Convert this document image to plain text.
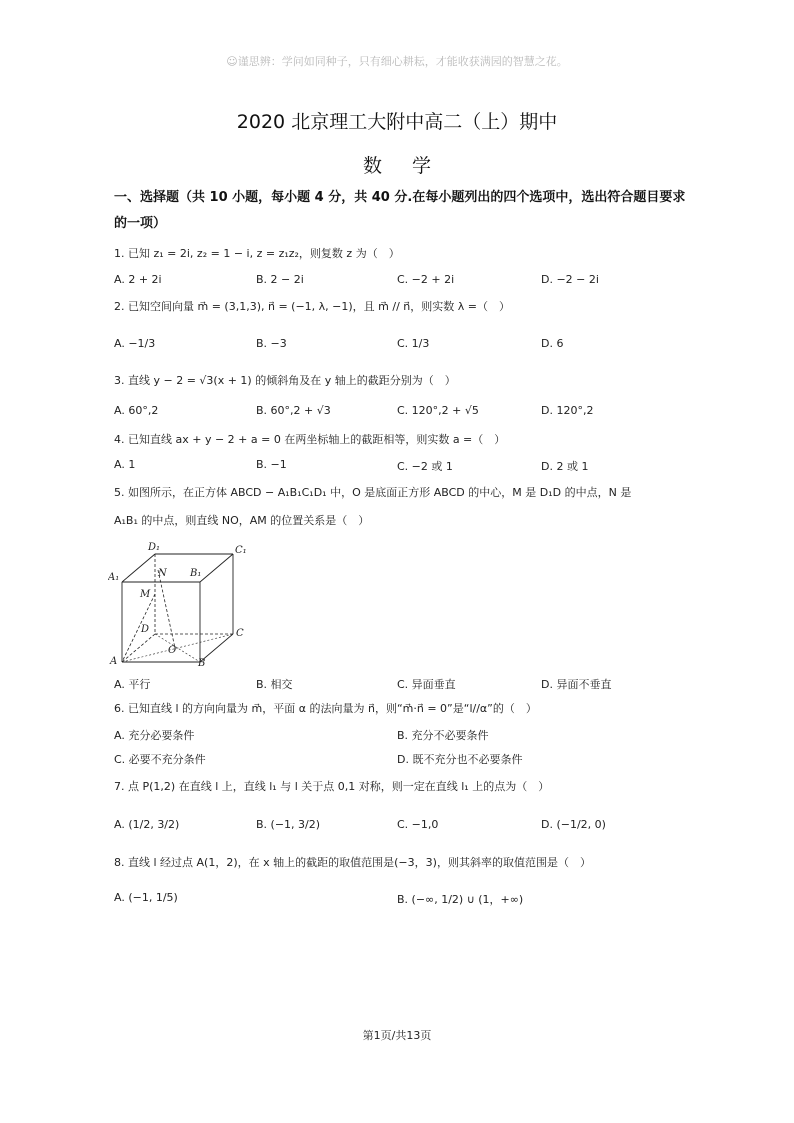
☺谨思辨：学问如同种子，只有细心耕耘，才能收获满园的智慧之花。
2020 北京理工大附中高二（上）期中
数学
一、选择题（共 10 小题，每小题 4 分，共 40 分.在每小题列出的四个选项中，选出符合题目要求的一项）
1. 已知 z₁ = 2i, z₂ = 1 − i, z = z₁z₂，则复数 z 为（　）
A. 2 + 2i	B. 2 − 2i	C. −2 + 2i	D. −2 − 2i
2. 已知空间向量 m⃗ = (3,1,3), n⃗ = (−1, λ, −1)，且 m⃗ // n⃗，则实数 λ =（　）
A. −1/3	B. −3	C. 1/3	D. 6
3. 直线 y − 2 = √3(x + 1) 的倾斜角及在 y 轴上的截距分别为（　）
A. 60°,2	B. 60°,2 + √3	C. 120°,2 + √5	D. 120°,2
4. 已知直线 ax + y − 2 + a = 0 在两坐标轴上的截距相等，则实数 a =（　）
A. 1	B. −1	C. −2 或 1	D. 2 或 1
5. 如图所示，在正方体 ABCD − A₁B₁C₁D₁ 中，O 是底面正方形 ABCD 的中心，M 是 D₁D 的中点，N 是
A₁B₁ 的中点，则直线 NO，AM 的位置关系是（　）
D₁	C₁
A₁	N B₁
M
D	C
A
O
B
A. 平行	B. 相交	C. 异面垂直	D. 异面不垂直
6. 已知直线 l 的方向向量为 m⃗，平面 α 的法向量为 n⃗，则“m⃗·n⃗ = 0”是“l//α”的（　）
A. 充分必要条件	B. 充分不必要条件
C. 必要不充分条件	D. 既不充分也不必要条件
7. 点 P(1,2) 在直线 l 上，直线 l₁ 与 l 关于点 0,1 对称，则一定在直线 l₁ 上的点为（　）
A. (1/2, 3/2)	B. (−1, 3/2)	C. −1,0	D. (−1/2, 0)
8. 直线 l 经过点 A(1，2)，在 x 轴上的截距的取值范围是(−3，3)，则其斜率的取值范围是（　）
A. (−1, 1/5)	B. (−∞, 1/2) ∪ (1，+∞)
第1页/共13页
